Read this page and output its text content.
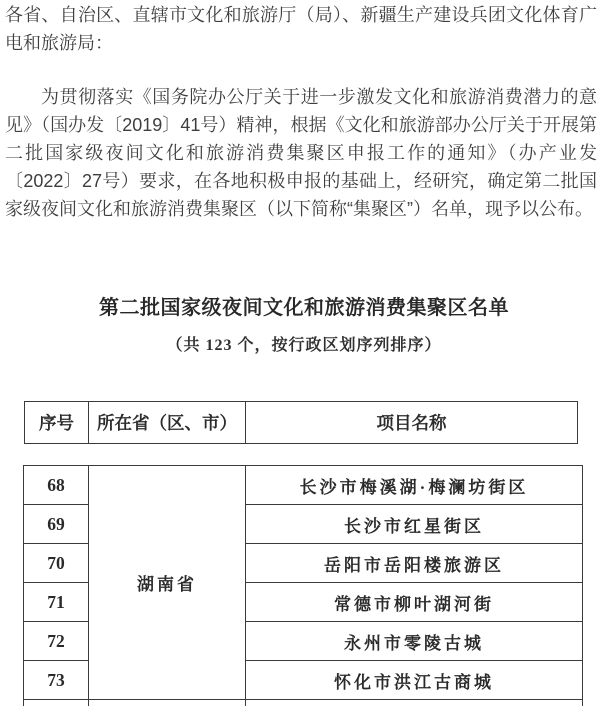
各省、自治区、直辖市文化和旅游厅（局）、新疆生产建设兵团文化体育广电和旅游局：

为贯彻落实《国务院办公厅关于进一步激发文化和旅游消费潜力的意见》（国办发〔2019〕41号）精神，根据《文化和旅游部办公厅关于开展第二批国家级夜间文化和旅游消费集聚区申报工作的通知》（办产业发〔2022〕27号）要求，在各地积极申报的基础上，经研究，确定第二批国家级夜间文化和旅游消费集聚区（以下简称“集聚区”）名单，现予以公布。

第二批国家级夜间文化和旅游消费集聚区名单

（共 123 个，按行政区划序列排序）

序号	所在省（区、市）	项目名称
68	湖南省	长沙市梅溪湖·梅澜坊街区
69		长沙市红星街区
70		岳阳市岳阳楼旅游区
71		常德市柳叶湖河街
72		永州市零陵古城
73		怀化市洪江古商城
